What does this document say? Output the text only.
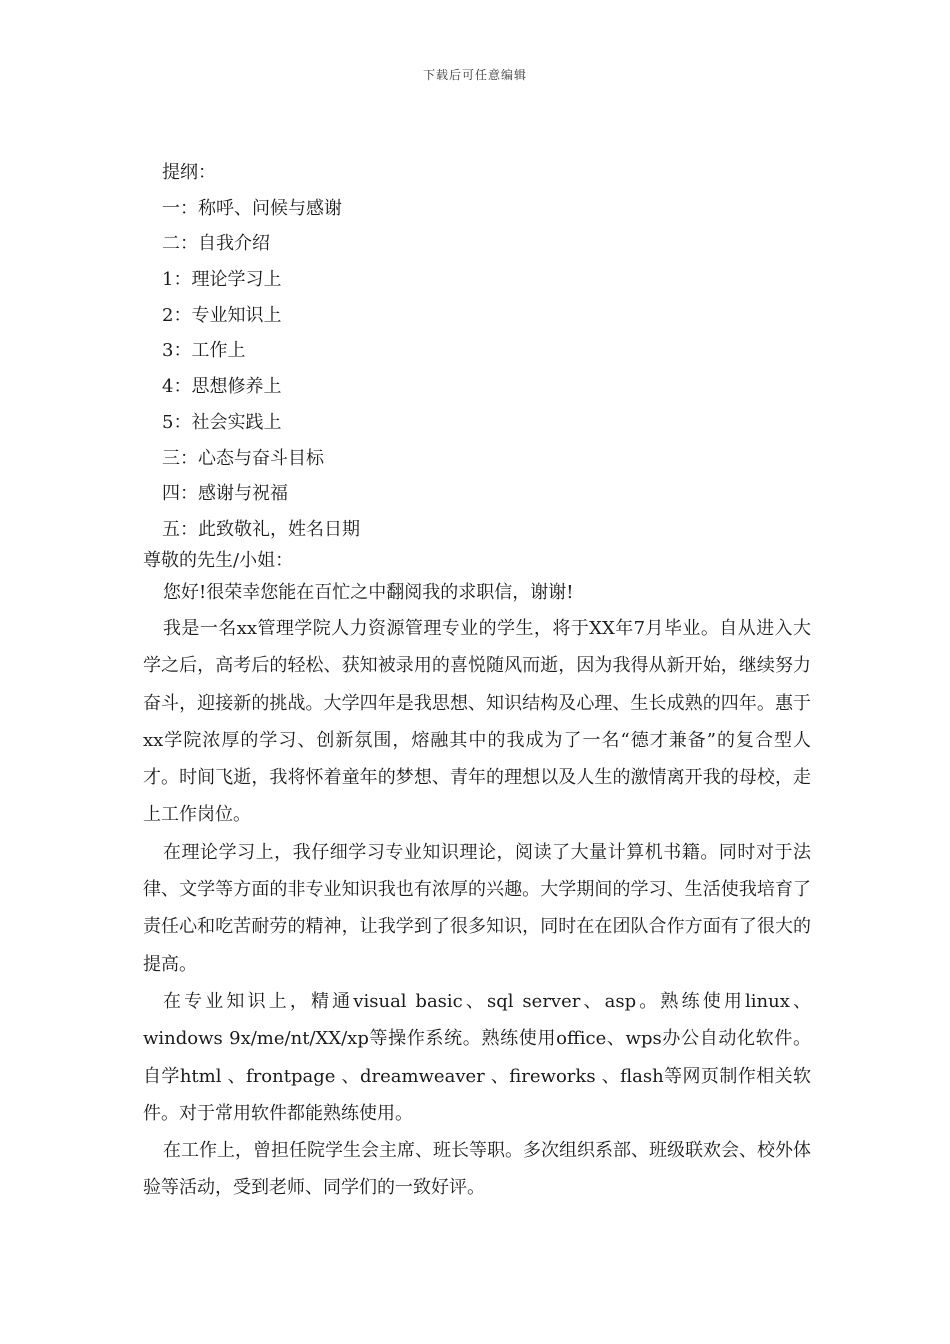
下载后可任意编辑
提纲：
一：称呼、问候与感谢
二：自我介绍
1：理论学习上
2：专业知识上
3：工作上
4：思想修养上
5：社会实践上
三：心态与奋斗目标
四：感谢与祝福
五：此致敬礼，姓名日期
尊敬的先生/小姐：

您好!很荣幸您能在百忙之中翻阅我的求职信，谢谢!

我是一名xx管理学院人力资源管理专业的学生，将于XX年7月毕业。自从进入大学之后，高考后的轻松、获知被录用的喜悦随风而逝，因为我得从新开始，继续努力奋斗，迎接新的挑战。大学四年是我思想、知识结构及心理、生长成熟的四年。惠于xx学院浓厚的学习、创新氛围，熔融其中的我成为了一名“德才兼备”的复合型人才。时间飞逝，我将怀着童年的梦想、青年的理想以及人生的激情离开我的母校，走上工作岗位。

在理论学习上，我仔细学习专业知识理论，阅读了大量计算机书籍。同时对于法律、文学等方面的非专业知识我也有浓厚的兴趣。大学期间的学习、生活使我培育了责任心和吃苦耐劳的精神，让我学到了很多知识，同时在在团队合作方面有了很大的提高。

在专业知识上，精通visual basic、sql server、asp。熟练使用linux、windows 9x/me/nt/XX/xp等操作系统。熟练使用office、wps办公自动化软件。自学html 、frontpage 、dreamweaver 、fireworks 、flash等网页制作相关软件。对于常用软件都能熟练使用。

在工作上，曾担任院学生会主席、班长等职。多次组织系部、班级联欢会、校外体验等活动，受到老师、同学们的一致好评。
